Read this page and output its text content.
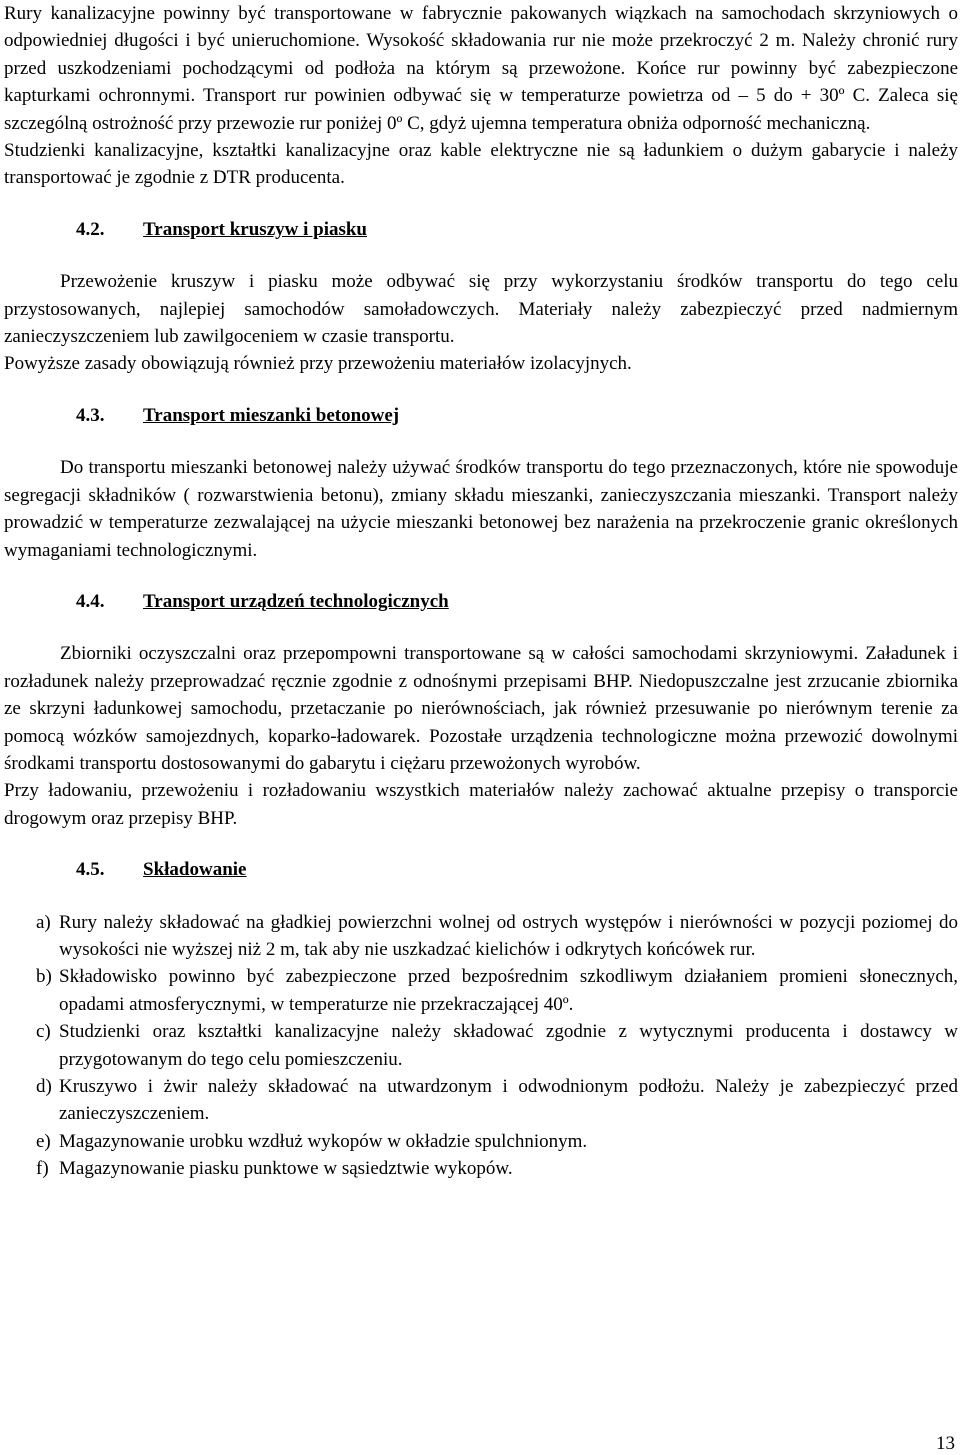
Rury kanalizacyjne powinny być transportowane w fabrycznie pakowanych wiązkach na samochodach skrzyniowych o odpowiedniej długości i być unieruchomione. Wysokość składowania rur nie może przekroczyć 2 m. Należy chronić rury przed uszkodzeniami pochodzącymi od podłoża na którym są przewożone. Końce rur powinny być zabezpieczone kapturkami ochronnymi. Transport rur powinien odbywać się w temperaturze powietrza od – 5 do + 30º C. Zaleca się szczególną ostrożność przy przewozie rur poniżej 0º C, gdyż ujemna temperatura obniża odporność mechaniczną.

Studzienki kanalizacyjne, kształtki kanalizacyjne oraz kable elektryczne nie są ładunkiem o dużym gabarycie i należy transportować je zgodnie z DTR producenta.

4.2. Transport kruszyw i piasku

Przewożenie kruszyw i piasku może odbywać się przy wykorzystaniu środków transportu do tego celu przystosowanych, najlepiej samochodów samoładowczych. Materiały należy zabezpieczyć przed nadmiernym zanieczyszczeniem lub zawilgoceniem w czasie transportu.

Powyższe zasady obowiązują również przy przewożeniu materiałów izolacyjnych.

4.3. Transport mieszanki betonowej

Do transportu mieszanki betonowej należy używać środków transportu do tego przeznaczonych, które nie spowoduje segregacji składników ( rozwarstwienia betonu), zmiany składu mieszanki, zanieczyszczania mieszanki. Transport należy prowadzić w temperaturze zezwalającej na użycie mieszanki betonowej bez narażenia na przekroczenie granic określonych wymaganiami technologicznymi.

4.4. Transport urządzeń technologicznych

Zbiorniki oczyszczalni oraz przepompowni transportowane są w całości samochodami skrzyniowymi. Załadunek i rozładunek należy przeprowadzać ręcznie zgodnie z odnośnymi przepisami BHP. Niedopuszczalne jest zrzucanie zbiornika ze skrzyni ładunkowej samochodu, przetaczanie po nierównościach, jak również przesuwanie po nierównym terenie za pomocą wózków samojezdnych, koparko-ładowarek. Pozostałe urządzenia technologiczne można przewozić dowolnymi środkami transportu dostosowanymi do gabarytu i ciężaru przewożonych wyrobów.

Przy ładowaniu, przewożeniu i rozładowaniu wszystkich materiałów należy zachować aktualne przepisy o transporcie drogowym oraz przepisy BHP.

4.5. Składowanie
a) Rury należy składować na gładkiej powierzchni wolnej od ostrych występów i nierówności w pozycji poziomej do wysokości nie wyższej niż 2 m, tak aby nie uszkadzać kielichów i odkrytych końcówek rur.
b) Składowisko powinno być zabezpieczone przed bezpośrednim szkodliwym działaniem promieni słonecznych, opadami atmosferycznymi, w temperaturze nie przekraczającej 40º.
c) Studzienki oraz kształtki kanalizacyjne należy składować zgodnie z wytycznymi producenta i dostawcy w przygotowanym do tego celu pomieszczeniu.
d) Kruszywo i żwir należy składować na utwardzonym i odwodnionym podłożu. Należy je zabezpieczyć przed zanieczyszczeniem.
e) Magazynowanie urobku wzdłuż wykopów w okładzie spulchnionym.
f) Magazynowanie piasku punktowe w sąsiedztwie wykopów.
13
